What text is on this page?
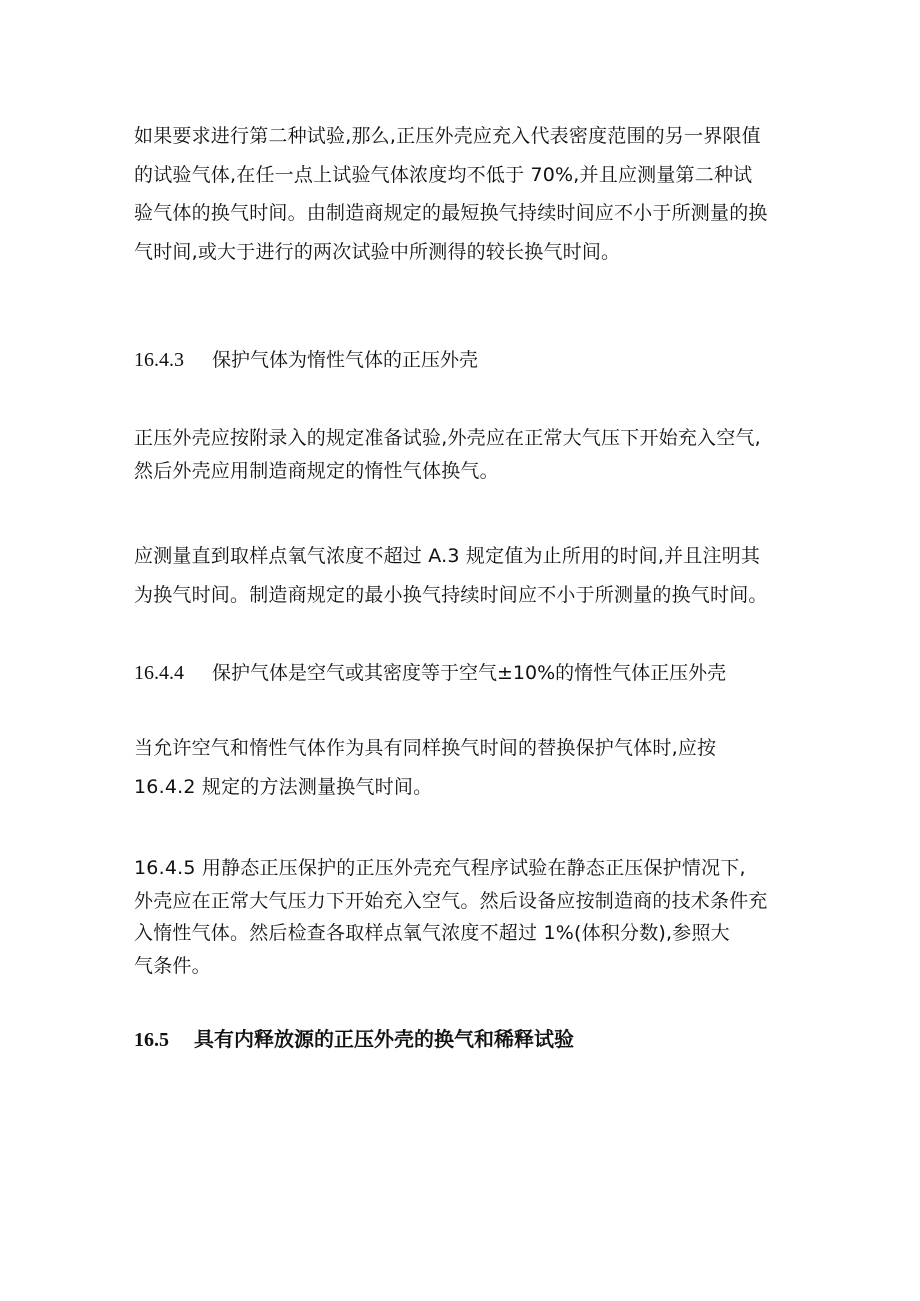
如果要求进行第二种试验,那么,正压外壳应充入代表密度范围的另一界限值
的试验气体,在任一点上试验气体浓度均不低于 70%,并且应测量第二种试
验气体的换气时间。由制造商规定的最短换气持续时间应不小于所测量的换
气时间,或大于进行的两次试验中所测得的较长换气时间。

16.4.3 保护气体为惰性气体的正压外壳

正压外壳应按附录入的规定准备试验,外壳应在正常大气压下开始充入空气,
然后外壳应用制造商规定的惰性气体换气。

应测量直到取样点氧气浓度不超过 A.3 规定值为止所用的时间,并且注明其
为换气时间。制造商规定的最小换气持续时间应不小于所测量的换气时间。

16.4.4 保护气体是空气或其密度等于空气±10%的惰性气体正压外壳

当允许空气和惰性气体作为具有同样换气时间的替换保护气体时,应按
16.4.2 规定的方法测量换气时间。

16.4.5 用静态正压保护的正压外壳充气程序试验在静态正压保护情况下,
外壳应在正常大气压力下开始充入空气。然后设备应按制造商的技术条件充
入惰性气体。然后检查各取样点氧气浓度不超过 1%(体积分数),参照大
气条件。

16.5 具有内释放源的正压外壳的换气和稀释试验
